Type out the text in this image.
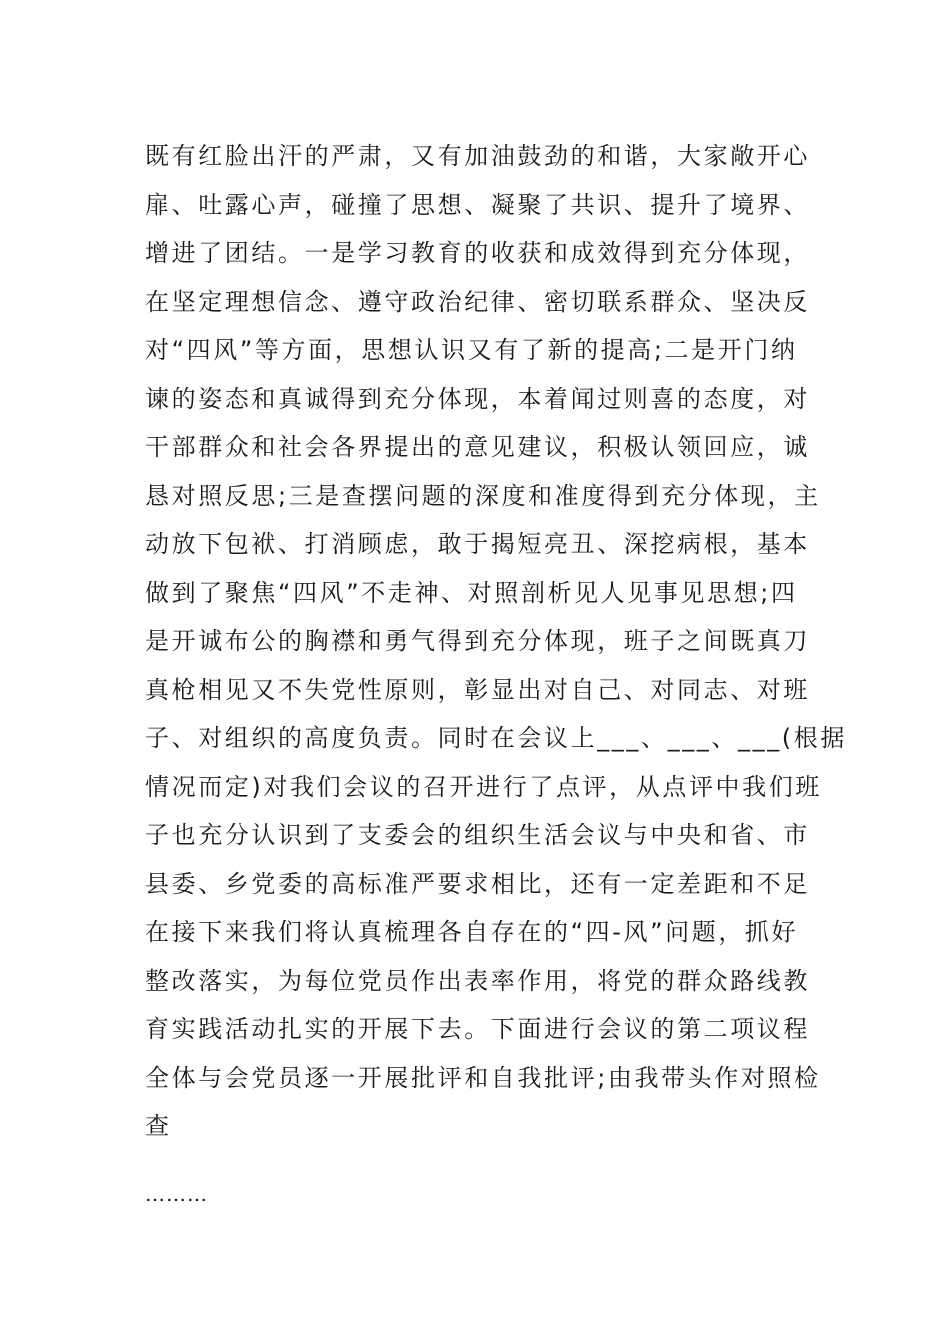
既有红脸出汗的严肃，又有加油鼓劲的和谐，大家敞开心
扉、吐露心声，碰撞了思想、凝聚了共识、提升了境界、
增进了团结。一是学习教育的收获和成效得到充分体现，
在坚定理想信念、遵守政治纪律、密切联系群众、坚决反
对“四风”等方面，思想认识又有了新的提高;二是开门纳
谏的姿态和真诚得到充分体现，本着闻过则喜的态度，对
干部群众和社会各界提出的意见建议，积极认领回应，诚
恳对照反思;三是查摆问题的深度和准度得到充分体现，主
动放下包袱、打消顾虑，敢于揭短亮丑、深挖病根，基本
做到了聚焦“四风”不走神、对照剖析见人见事见思想;四
是开诚布公的胸襟和勇气得到充分体现，班子之间既真刀
真枪相见又不失党性原则，彰显出对自己、对同志、对班
子、对组织的高度负责。同时在会议上___、___、___(根据
情况而定)对我们会议的召开进行了点评，从点评中我们班
子也充分认识到了支委会的组织生活会议与中央和省、市
县委、乡党委的高标准严要求相比，还有一定差距和不足
在接下来我们将认真梳理各自存在的“四-风”问题，抓好
整改落实，为每位党员作出表率作用，将党的群众路线教
育实践活动扎实的开展下去。下面进行会议的第二项议程
全体与会党员逐一开展批评和自我批评;由我带头作对照检
查
………
